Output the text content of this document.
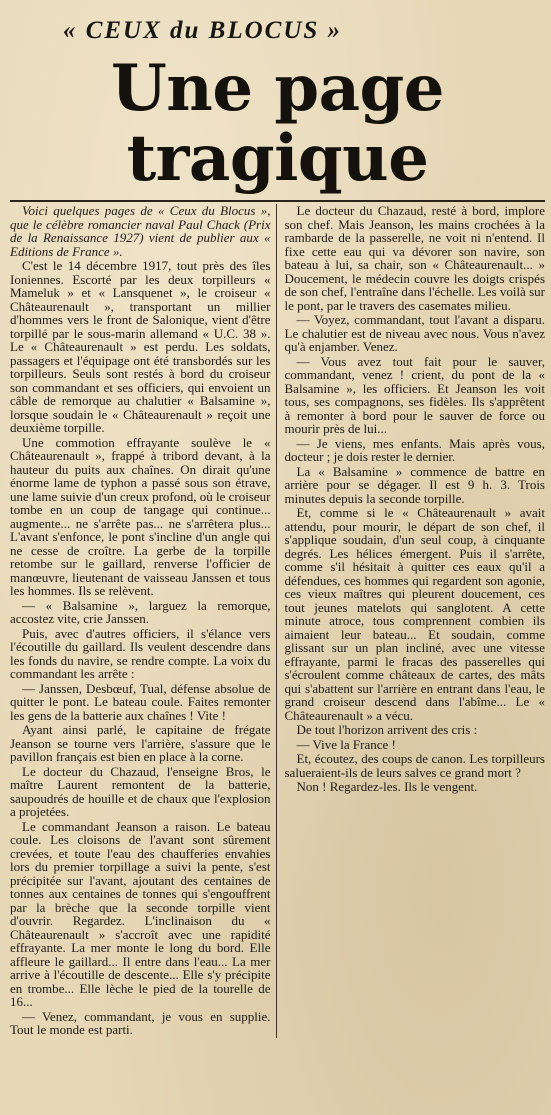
« CEUX du BLOCUS »
Une page tragique

Voici quelques pages de « Ceux du Blocus », que le célèbre romancier naval Paul Chack (Prix de la Renaissance 1927) vient de publier aux « Editions de France ».

C'est le 14 décembre 1917, tout près des îles Ioniennes. Escorté par les deux torpilleurs « Mameluk » et « Lansquenet », le croiseur « Châteaurenault », transportant un millier d'hommes vers le front de Salonique, vient d'être torpillé par le sous-marin allemand « U.C. 38 ». Le « Châteaurenault » est perdu. Les soldats, passagers et l'équipage ont été transbordés sur les torpilleurs. Seuls sont restés à bord du croiseur son commandant et ses officiers, qui envoient un câble de remorque au chalutier « Balsamine », lorsque soudain le « Châteaurenault » reçoit une deuxième torpille.

Une commotion effrayante soulève le « Châteaurenault », frappé à tribord devant, à la hauteur du puits aux chaînes. On dirait qu'une énorme lame de typhon a passé sous son étrave, une lame suivie d'un creux profond, où le croiseur tombe en un coup de tangage qui continue... augmente... ne s'arrête pas... ne s'arrêtera plus... L'avant s'enfonce, le pont s'incline d'un angle qui ne cesse de croître. La gerbe de la torpille retombe sur le gaillard, renverse l'officier de manœuvre, lieutenant de vaisseau Janssen et tous les hommes. Ils se relèvent.

— « Balsamine », larguez la remorque, accostez vite, crie Janssen.

Puis, avec d'autres officiers, il s'élance vers l'écoutille du gaillard. Ils veulent descendre dans les fonds du navire, se rendre compte. La voix du commandant les arrête :

— Janssen, Desbœuf, Tual, défense absolue de quitter le pont. Le bateau coule. Faites remonter les gens de la batterie aux chaînes ! Vite !

Ayant ainsi parlé, le capitaine de frégate Jeanson se tourne vers l'arrière, s'assure que le pavillon français est bien en place à la corne.

Le docteur du Chazaud, l'enseigne Bros, le maître Laurent remontent de la batterie, saupoudrés de houille et de chaux que l'explosion a projetées.

Le commandant Jeanson a raison. Le bateau coule. Les cloisons de l'avant sont sûrement crevées, et toute l'eau des chaufferies envahies lors du premier torpillage a suivi la pente, s'est précipitée sur l'avant, ajoutant des centaines de tonnes aux centaines de tonnes qui s'engouffrent par la brèche que la seconde torpille vient d'ouvrir. Regardez. L'inclinaison du « Châteaurenault » s'accroît avec une rapidité effrayante. La mer monte le long du bord. Elle affleure le gaillard... Il entre dans l'eau... La mer arrive à l'écoutille de descente... Elle s'y précipite en trombe... Elle lèche le pied de la tourelle de 16...

— Venez, commandant, je vous en supplie. Tout le monde est parti.

Le docteur du Chazaud, resté à bord, implore son chef. Mais Jeanson, les mains crochées à la rambarde de la passerelle, ne voit ni n'entend. Il fixe cette eau qui va dévorer son navire, son bateau à lui, sa chair, son « Châteaurenault... » Doucement, le médecin couvre les doigts crispés de son chef, l'entraîne dans l'échelle. Les voilà sur le pont, par le travers des casemates milieu.

— Voyez, commandant, tout l'avant a disparu. Le chalutier est de niveau avec nous. Vous n'avez qu'à enjamber. Venez.

— Vous avez tout fait pour le sauver, commandant, venez ! crient, du pont de la « Balsamine », les officiers. Et Jeanson les voit tous, ses compagnons, ses fidèles. Ils s'apprêtent à remonter à bord pour le sauver de force ou mourir près de lui...

— Je viens, mes enfants. Mais après vous, docteur ; je dois rester le dernier.

La « Balsamine » commence de battre en arrière pour se dégager. Il est 9 h. 3. Trois minutes depuis la seconde torpille.

Et, comme si le « Châteaurenault » avait attendu, pour mourir, le départ de son chef, il s'applique soudain, d'un seul coup, à cinquante degrés. Les hélices émergent. Puis il s'arrête, comme s'il hésitait à quitter ces eaux qu'il a défendues, ces hommes qui regardent son agonie, ces vieux maîtres qui pleurent doucement, ces tout jeunes matelots qui sanglotent. A cette minute atroce, tous comprennent combien ils aimaient leur bateau... Et soudain, comme glissant sur un plan incliné, avec une vitesse effrayante, parmi le fracas des passerelles qui s'écroulent comme châteaux de cartes, des mâts qui s'abattent sur l'arrière en entrant dans l'eau, le grand croiseur descend dans l'abîme... Le « Châteaurenault » a vécu.

De tout l'horizon arrivent des cris :

— Vive la France !

Et, écoutez, des coups de canon. Les torpilleurs salueraient-ils de leurs salves ce grand mort ?

Non ! Regardez-les. Ils le vengent.
